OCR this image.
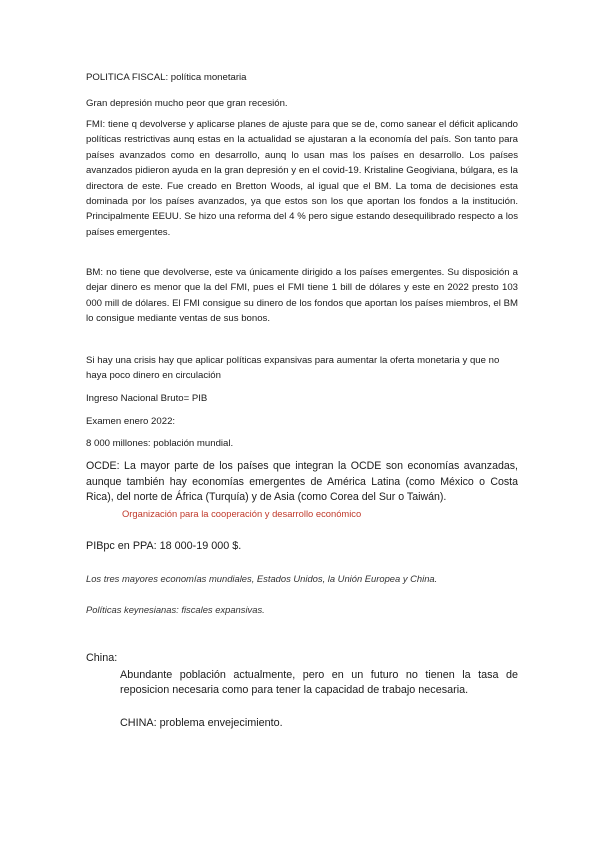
POLITICA FISCAL: política monetaria

Gran depresión mucho peor que gran recesión.

FMI: tiene q devolverse y aplicarse planes de ajuste para que se de, como sanear el déficit aplicando políticas restrictivas aunq estas en la actualidad se ajustaran a la economía del país. Son tanto para países avanzados como en desarrollo, aunq lo usan mas los países en desarrollo. Los países avanzados pidieron ayuda en la gran depresión y en el covid-19. Kristaline Geogiviana, búlgara, es la directora de este. Fue creado en Bretton Woods, al igual que el BM. La toma de decisiones esta dominada por los países avanzados, ya que estos son los que aportan los fondos a la institución. Principalmente EEUU. Se hizo una reforma del 4 % pero sigue estando desequilibrado respecto a los países emergentes.

BM: no tiene que devolverse, este va únicamente dirigido a los países emergentes. Su disposición a dejar dinero es menor que la del FMI, pues el FMI tiene 1 bill de dólares y este en 2022 presto 103 000 mill de dólares. El FMI consigue su dinero de los fondos que aportan los países miembros, el BM lo consigue mediante ventas de sus bonos.

Si hay una crisis hay que aplicar políticas expansivas para aumentar la oferta monetaria y que no haya poco dinero en circulación

Ingreso Nacional Bruto= PIB

Examen enero 2022:

8 000 millones: población mundial.

OCDE: La mayor parte de los países que integran la OCDE son economías avanzadas, aunque también hay economías emergentes de América Latina (como México o Costa Rica), del norte de África (Turquía) y de Asia (como Corea del Sur o Taiwán).

Organización para la cooperación y desarrollo económico

PIBpc en PPA: 18 000-19 000 $.

Los tres mayores economías mundiales, Estados Unidos, la Unión Europea y China.

Políticas keynesianas: fiscales expansivas.

China:

Abundante población actualmente, pero en un futuro no tienen la tasa de reposicion necesaria como para tener la capacidad de trabajo necesaria.

CHINA: problema envejecimiento.
